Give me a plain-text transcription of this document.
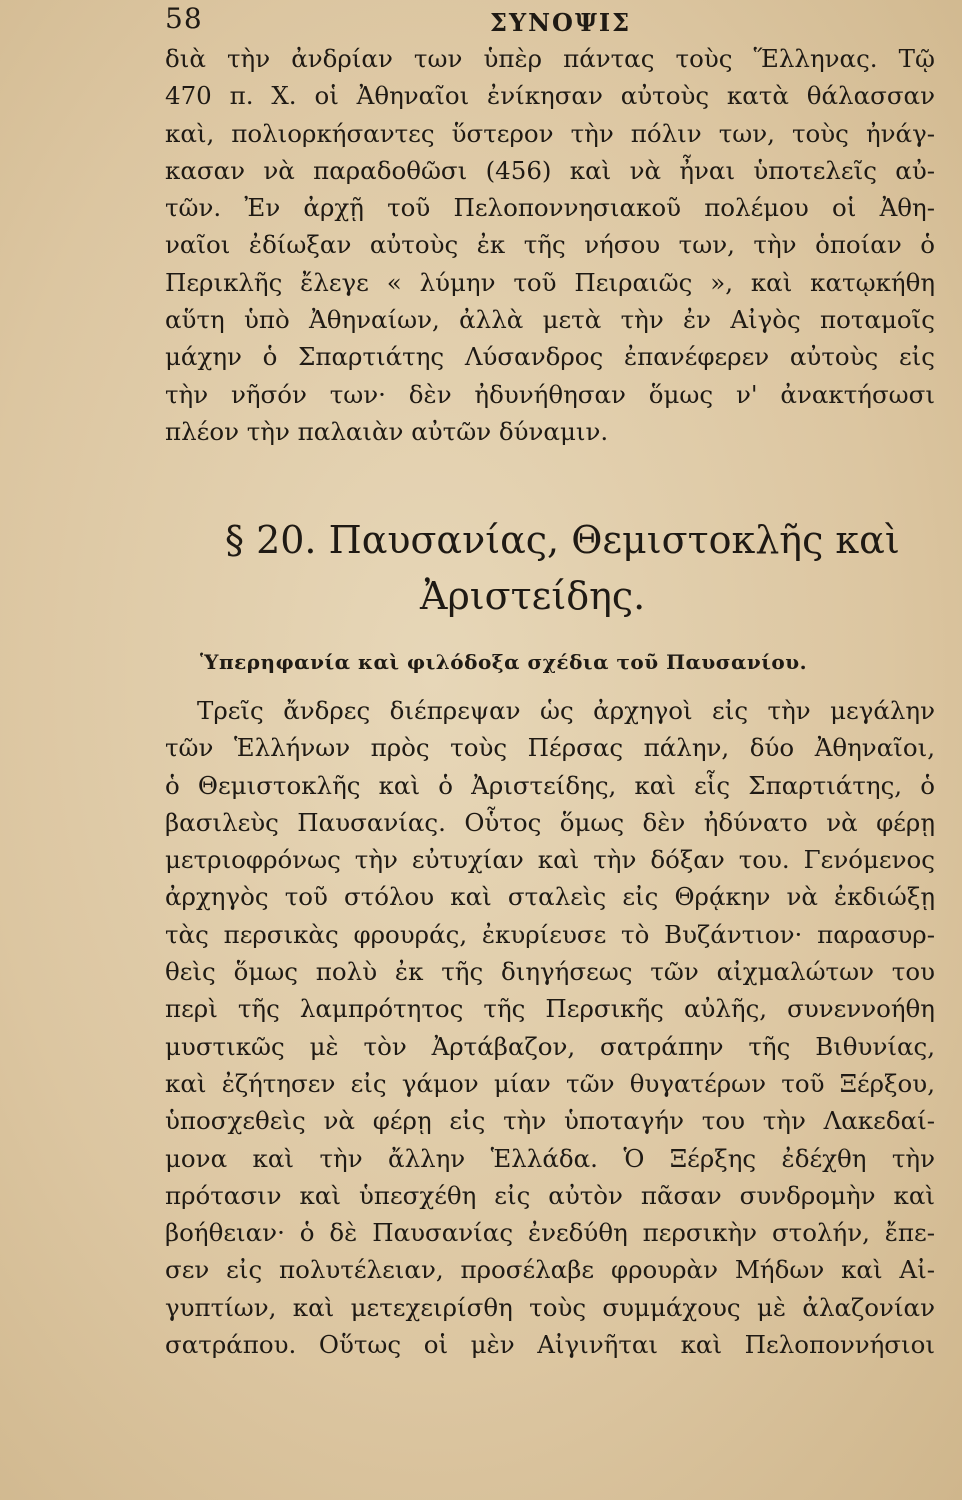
58	ΣΥΝΟΨΙΣ

διὰ τὴν ἀνδρίαν των ὑπὲρ πάντας τοὺς Ἕλληνας. Τῷ

470 π. Χ. οἱ Ἀθηναῖοι ἐνίκησαν αὐτοὺς κατὰ θάλασσαν

καὶ, πολιορκήσαντες ὕστερον τὴν πόλιν των, τοὺς ἠνάγ-

κασαν νὰ παραδοθῶσι (456) καὶ νὰ ἦναι ὑποτελεῖς αὐ-

τῶν. Ἐν ἀρχῇ τοῦ Πελοποννησιακοῦ πολέμου οἱ Ἀθη-

ναῖοι ἐδίωξαν αὐτοὺς ἐκ τῆς νήσου των, τὴν ὁποίαν ὁ

Περικλῆς ἔλεγε « λύμην τοῦ Πειραιῶς », καὶ κατῳκήθη

αὕτη ὑπὸ Ἀθηναίων, ἀλλὰ μετὰ τὴν ἐν Αἰγὸς ποταμοῖς

μάχην ὁ Σπαρτιάτης Λύσανδρος ἐπανέφερεν αὐτοὺς εἰς

τὴν νῆσόν των· δὲν ἠδυνήθησαν ὅμως ν' ἀνακτήσωσι

πλέον τὴν παλαιὰν αὐτῶν δύναμιν.

§ 20. Παυσανίας, Θεμιστοκλῆς καὶ
Ἀριστείδης.
Ὑπερηφανία καὶ φιλόδοξα σχέδια τοῦ Παυσανίου.

Τρεῖς ἄνδρες διέπρεψαν ὡς ἀρχηγοὶ εἰς τὴν μεγάλην

τῶν Ἑλλήνων πρὸς τοὺς Πέρσας πάλην, δύο Ἀθηναῖοι,

ὁ Θεμιστοκλῆς καὶ ὁ Ἀριστείδης, καὶ εἷς Σπαρτιάτης, ὁ

βασιλεὺς Παυσανίας. Οὗτος ὅμως δὲν ἠδύνατο νὰ φέρῃ

μετριοφρόνως τὴν εὐτυχίαν καὶ τὴν δόξαν του. Γενόμενος

ἀρχηγὸς τοῦ στόλου καὶ σταλεὶς εἰς Θρᾴκην νὰ ἐκδιώξῃ

τὰς περσικὰς φρουράς, ἐκυρίευσε τὸ Βυζάντιον· παρασυρ-

θεὶς ὅμως πολὺ ἐκ τῆς διηγήσεως τῶν αἰχμαλώτων του

περὶ τῆς λαμπρότητος τῆς Περσικῆς αὐλῆς, συνεννοήθη

μυστικῶς μὲ τὸν Ἀρτάβαζον, σατράπην τῆς Βιθυνίας,

καὶ ἐζήτησεν εἰς γάμον μίαν τῶν θυγατέρων τοῦ Ξέρξου,

ὑποσχεθεὶς νὰ φέρῃ εἰς τὴν ὑποταγήν του τὴν Λακεδαί-

μονα καὶ τὴν ἄλλην Ἑλλάδα. Ὁ Ξέρξης ἐδέχθη τὴν

πρότασιν καὶ ὑπεσχέθη εἰς αὐτὸν πᾶσαν συνδρομὴν καὶ

βοήθειαν· ὁ δὲ Παυσανίας ἐνεδύθη περσικὴν στολήν, ἔπε-

σεν εἰς πολυτέλειαν, προσέλαβε φρουρὰν Μήδων καὶ Αἰ-

γυπτίων, καὶ μετεχειρίσθη τοὺς συμμάχους μὲ ἀλαζονίαν

σατράπου. Οὕτως οἱ μὲν Αἰγινῆται καὶ Πελοποννήσιοι
